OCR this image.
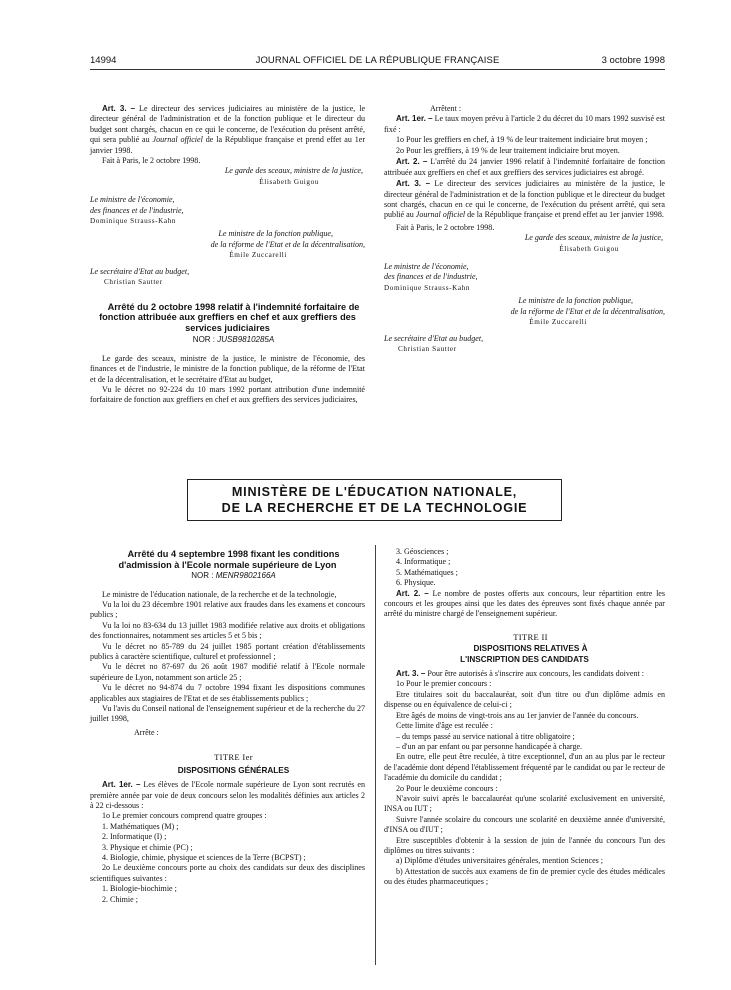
14994	JOURNAL OFFICIEL DE LA RÉPUBLIQUE FRANÇAISE	3 octobre 1998

Art. 3. – Le directeur des services judiciaires au ministère de la justice, le directeur général de l'administration et de la fonction publique et le directeur du budget sont chargés, chacun en ce qui le concerne, de l'exécution du présent arrêté, qui sera publié au Journal officiel de la République française et prend effet au 1er janvier 1998.

Fait à Paris, le 2 octobre 1998.

Le garde des sceaux, ministre de la justice,

Élisabeth Guigou

Le ministre de l'économie,

des finances et de l'industrie,

Dominique Strauss-Kahn

Le ministre de la fonction publique,

de la réforme de l'Etat et de la décentralisation,

Émile Zuccarelli

Le secrétaire d'Etat au budget,

Christian Sautter

Arrêté du 2 octobre 1998 relatif à l'indemnité forfaitaire de fonction attribuée aux greffiers en chef et aux greffiers des services judiciaires

NOR : JUSB9810285A

Le garde des sceaux, ministre de la justice, le ministre de l'économie, des finances et de l'industrie, le ministre de la fonction publique, de la réforme de l'Etat et de la décentralisation, et le secrétaire d'Etat au budget,

Vu le décret no 92-224 du 10 mars 1992 portant attribution d'une indemnité forfaitaire de fonction aux greffiers en chef et aux greffiers des services judiciaires,

Arrêtent :

Art. 1er. – Le taux moyen prévu à l'article 2 du décret du 10 mars 1992 susvisé est fixé :

1o Pour les greffiers en chef, à 19 % de leur traitement indiciaire brut moyen ;

2o Pour les greffiers, à 19 % de leur traitement indiciaire brut moyen.

Art. 2. – L'arrêté du 24 janvier 1996 relatif à l'indemnité forfaitaire de fonction attribuée aux greffiers en chef et aux greffiers des services judiciaires est abrogé.

Art. 3. – Le directeur des services judiciaires au ministère de la justice, le directeur général de l'administration et de la fonction publique et le directeur du budget sont chargés, chacun en ce qui le concerne, de l'exécution du présent arrêté, qui sera publié au Journal officiel de la République française et prend effet au 1er janvier 1998.

Fait à Paris, le 2 octobre 1998.

Le garde des sceaux, ministre de la justice,

Élisabeth Guigou

Le ministre de l'économie,

des finances et de l'industrie,

Dominique Strauss-Kahn

Le ministre de la fonction publique,

de la réforme de l'Etat et de la décentralisation,

Émile Zuccarelli

Le secrétaire d'Etat au budget,

Christian Sautter

MINISTÈRE DE L'ÉDUCATION NATIONALE,
DE LA RECHERCHE ET DE LA TECHNOLOGIE

Arrêté du 4 septembre 1998 fixant les conditions d'admission à l'Ecole normale supérieure de Lyon

NOR : MENR9802166A

Le ministre de l'éducation nationale, de la recherche et de la technologie,

Vu la loi du 23 décembre 1901 relative aux fraudes dans les examens et concours publics ;

Vu la loi no 83-634 du 13 juillet 1983 modifiée relative aux droits et obligations des fonctionnaires, notamment ses articles 5 et 5 bis ;

Vu le décret no 85-789 du 24 juillet 1985 portant création d'établissements publics à caractère scientifique, culturel et professionnel ;

Vu le décret no 87-697 du 26 août 1987 modifié relatif à l'Ecole normale supérieure de Lyon, notamment son article 25 ;

Vu le décret no 94-874 du 7 octobre 1994 fixant les dispositions communes applicables aux stagiaires de l'Etat et de ses établissements publics ;

Vu l'avis du Conseil national de l'enseignement supérieur et de la recherche du 27 juillet 1998,

Arrête :

TITRE Ier

DISPOSITIONS GÉNÉRALES

Art. 1er. – Les élèves de l'Ecole normale supérieure de Lyon sont recrutés en première année par voie de deux concours selon les modalités définies aux articles 2 à 22 ci-dessous :

1o Le premier concours comprend quatre groupes :

1. Mathématiques (M) ;

2. Informatique (I) ;

3. Physique et chimie (PC) ;

4. Biologie, chimie, physique et sciences de la Terre (BCPST) ;

2o Le deuxième concours porte au choix des candidats sur deux des disciplines scientifiques suivantes :

1. Biologie-biochimie ;

2. Chimie ;

3. Géosciences ;

4. Informatique ;

5. Mathématiques ;

6. Physique.

Art. 2. – Le nombre de postes offerts aux concours, leur répartition entre les concours et les groupes ainsi que les dates des épreuves sont fixés chaque année par arrêté du ministre chargé de l'enseignement supérieur.

TITRE II

DISPOSITIONS RELATIVES À L'INSCRIPTION DES CANDIDATS

Art. 3. – Pour être autorisés à s'inscrire aux concours, les candidats doivent :

1o Pour le premier concours :

Etre titulaires soit du baccalauréat, soit d'un titre ou d'un diplôme admis en dispense ou en équivalence de celui-ci ;

Etre âgés de moins de vingt-trois ans au 1er janvier de l'année du concours.

Cette limite d'âge est reculée :

– du temps passé au service national à titre obligatoire ;

– d'un an par enfant ou par personne handicapée à charge.

En outre, elle peut être reculée, à titre exceptionnel, d'un an au plus par le recteur de l'académie dont dépend l'établissement fréquenté par le candidat ou par le recteur de l'académie du domicile du candidat ;

2o Pour le deuxième concours :

N'avoir suivi après le baccalauréat qu'une scolarité exclusivement en université, INSA ou IUT ;

Suivre l'année scolaire du concours une scolarité en deuxième année d'université, d'INSA ou d'IUT ;

Etre susceptibles d'obtenir à la session de juin de l'année du concours l'un des diplômes ou titres suivants :

a) Diplôme d'études universitaires générales, mention Sciences ;

b) Attestation de succès aux examens de fin de premier cycle des études médicales ou des études pharmaceutiques ;
